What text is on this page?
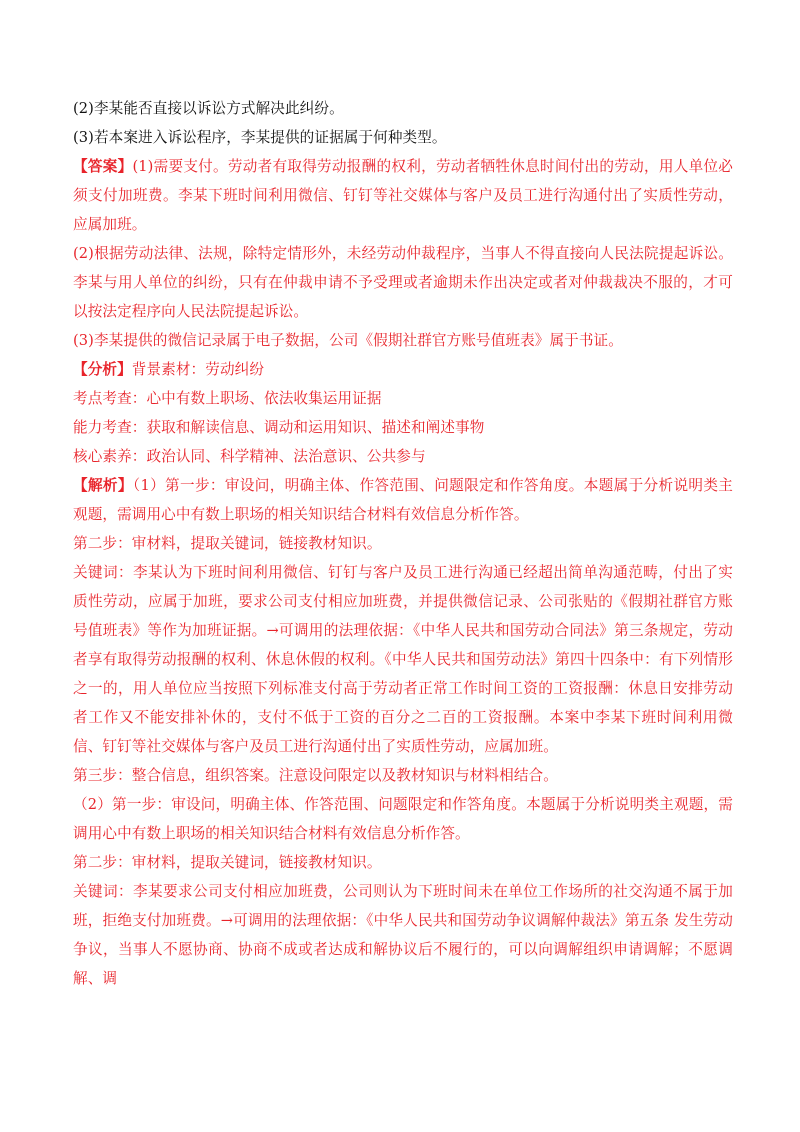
(2)李某能否直接以诉讼方式解决此纠纷。

(3)若本案进入诉讼程序，李某提供的证据属于何种类型。

【答案】(1)需要支付。劳动者有取得劳动报酬的权利，劳动者牺牲休息时间付出的劳动，用人单位必须支付加班费。李某下班时间利用微信、钉钉等社交媒体与客户及员工进行沟通付出了实质性劳动，应属加班。

(2)根据劳动法律、法规，除特定情形外，未经劳动仲裁程序，当事人不得直接向人民法院提起诉讼。李某与用人单位的纠纷，只有在仲裁申请不予受理或者逾期未作出决定或者对仲裁裁决不服的，才可以按法定程序向人民法院提起诉讼。

(3)李某提供的微信记录属于电子数据，公司《假期社群官方账号值班表》属于书证。

【分析】背景素材：劳动纠纷

考点考查：心中有数上职场、依法收集运用证据

能力考查：获取和解读信息、调动和运用知识、描述和阐述事物

核心素养：政治认同、科学精神、法治意识、公共参与

【解析】（1）第一步：审设问，明确主体、作答范围、问题限定和作答角度。本题属于分析说明类主观题，需调用心中有数上职场的相关知识结合材料有效信息分析作答。

第二步：审材料，提取关键词，链接教材知识。

关键词：李某认为下班时间利用微信、钉钉与客户及员工进行沟通已经超出简单沟通范畴，付出了实质性劳动，应属于加班，要求公司支付相应加班费，并提供微信记录、公司张贴的《假期社群官方账号值班表》等作为加班证据。→可调用的法理依据：《中华人民共和国劳动合同法》第三条规定，劳动者享有取得劳动报酬的权利、休息休假的权利。《中华人民共和国劳动法》第四十四条中：有下列情形之一的，用人单位应当按照下列标准支付高于劳动者正常工作时间工资的工资报酬：休息日安排劳动者工作又不能安排补休的，支付不低于工资的百分之二百的工资报酬。本案中李某下班时间利用微信、钉钉等社交媒体与客户及员工进行沟通付出了实质性劳动，应属加班。

第三步：整合信息，组织答案。注意设问限定以及教材知识与材料相结合。

（2）第一步：审设问，明确主体、作答范围、问题限定和作答角度。本题属于分析说明类主观题，需调用心中有数上职场的相关知识结合材料有效信息分析作答。

第二步：审材料，提取关键词，链接教材知识。

关键词：李某要求公司支付相应加班费，公司则认为下班时间未在单位工作场所的社交沟通不属于加班，拒绝支付加班费。→可调用的法理依据：《中华人民共和国劳动争议调解仲裁法》第五条 发生劳动争议，当事人不愿协商、协商不成或者达成和解协议后不履行的，可以向调解组织申请调解；不愿调解、调
